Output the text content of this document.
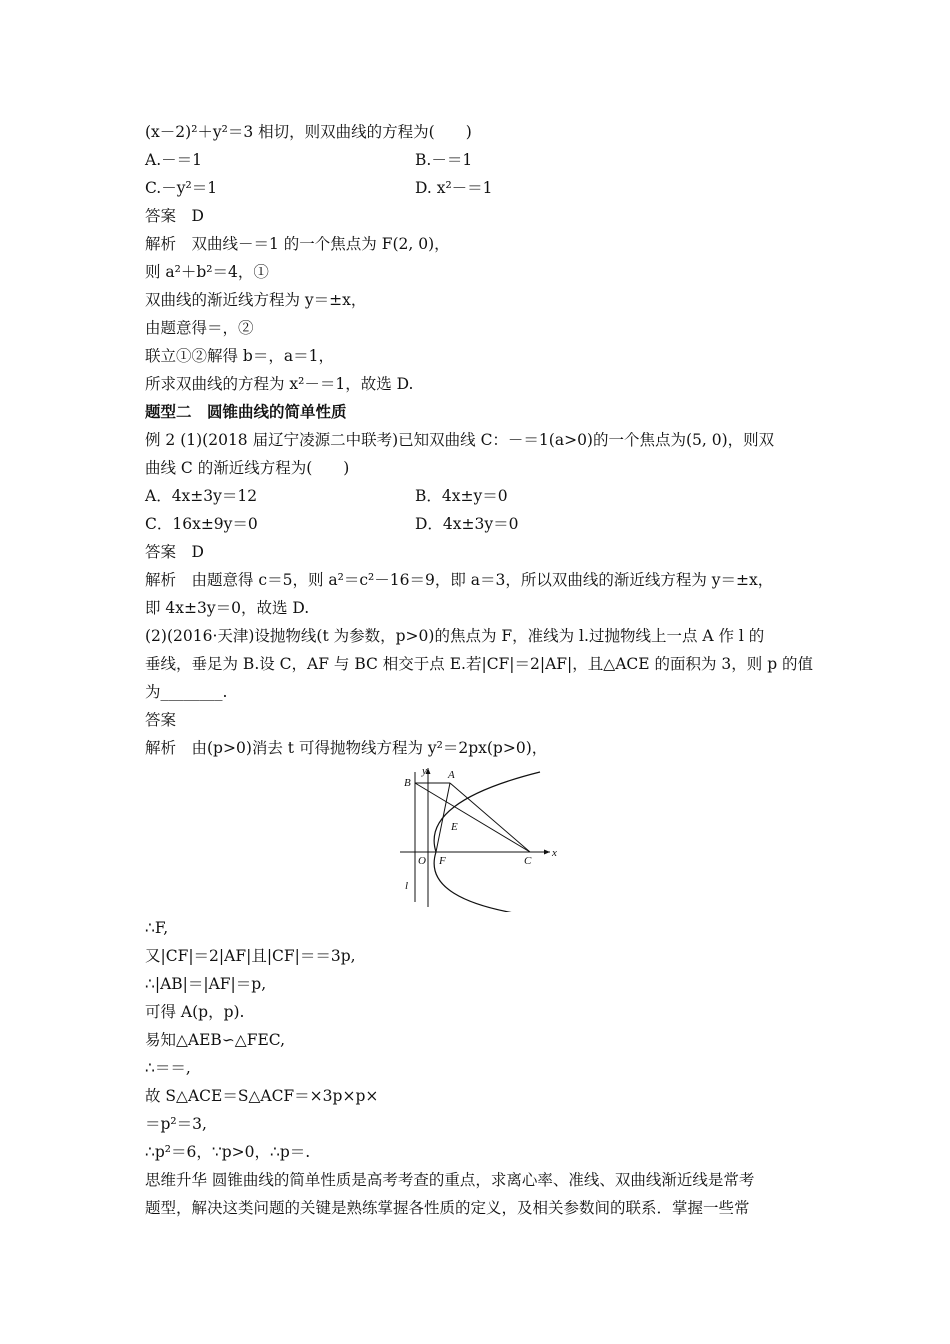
(x－2)²＋y²＝3 相切，则双曲线的方程为(　　)
A.－＝1	B.－＝1
C.－y²＝1	D. x²－＝1
答案　D
解析　双曲线－＝1 的一个焦点为 F(2, 0)，
则 a²＋b²＝4，①
双曲线的渐近线方程为 y＝±x，
由题意得＝，②
联立①②解得 b＝，a＝1，
所求双曲线的方程为 x²－＝1，故选 D.
题型二　圆锥曲线的简单性质
例 2 (1)(2018 届辽宁凌源二中联考)已知双曲线 C：－＝1(a>0)的一个焦点为(5, 0)，则双
曲线 C 的渐近线方程为(　　)
A．4x±3y＝12	B．4x±y＝0
C．16x±9y＝0	D．4x±3y＝0
答案　D
解析　由题意得 c＝5，则 a²＝c²－16＝9，即 a＝3，所以双曲线的渐近线方程为 y＝±x，
即 4x±3y＝0，故选 D.
(2)(2016·天津)设抛物线(t 为参数，p>0)的焦点为 F，准线为 l.过抛物线上一点 A 作 l 的
垂线，垂足为 B.设 C，AF 与 BC 相交于点 E.若|CF|＝2|AF|，且△ACE 的面积为 3，则 p 的值
为________.
答案
解析　由(p>0)消去 t 可得抛物线方程为 y²＝2px(p>0)，
y
x
B
A
E
O F	C
l
∴F,
又|CF|＝2|AF|且|CF|＝＝3p,
∴|AB|＝|AF|＝p,
可得 A(p，p).
易知△AEB∽△FEC,
∴＝＝,
故 S△ACE＝S△ACF＝×3p×p×
＝p²＝3,
∴p²＝6，∵p>0，∴p＝.
思维升华 圆锥曲线的简单性质是高考考查的重点，求离心率、准线、双曲线渐近线是常考
题型，解决这类问题的关键是熟练掌握各性质的定义，及相关参数间的联系．掌握一些常
